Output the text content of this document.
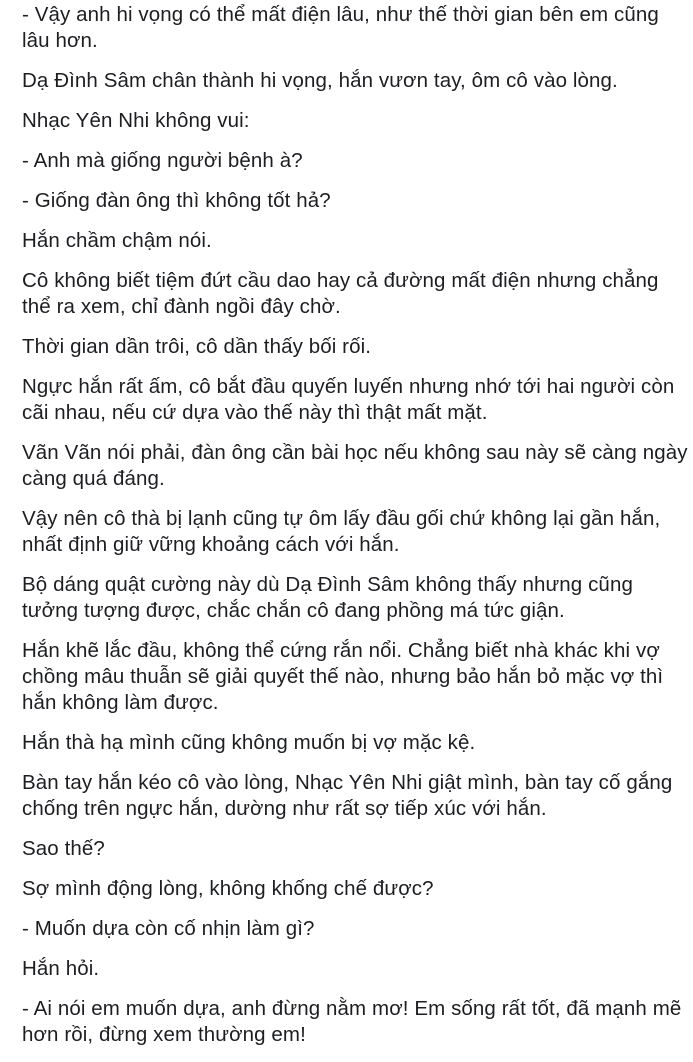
- Vậy anh hi vọng có thể mất điện lâu, như thế thời gian bên em cũng lâu hơn.

Dạ Đình Sâm chân thành hi vọng, hắn vươn tay, ôm cô vào lòng.

Nhạc Yên Nhi không vui:

- Anh mà giống người bệnh à?

- Giống đàn ông thì không tốt hả?

Hắn chầm chậm nói.

Cô không biết tiệm đứt cầu dao hay cả đường mất điện nhưng chẳng thể ra xem, chỉ đành ngồi đây chờ.

Thời gian dần trôi, cô dần thấy bối rối.

Ngực hắn rất ấm, cô bắt đầu quyến luyến nhưng nhớ tới hai người còn cãi nhau, nếu cứ dựa vào thế này thì thật mất mặt.

Vãn Vãn nói phải, đàn ông cần bài học nếu không sau này sẽ càng ngày càng quá đáng.

Vậy nên cô thà bị lạnh cũng tự ôm lấy đầu gối chứ không lại gần hắn, nhất định giữ vững khoảng cách với hắn.

Bộ dáng quật cường này dù Dạ Đình Sâm không thấy nhưng cũng tưởng tượng được, chắc chắn cô đang phồng má tức giận.

Hắn khẽ lắc đầu, không thể cứng rắn nổi. Chẳng biết nhà khác khi vợ chồng mâu thuẫn sẽ giải quyết thế nào, nhưng bảo hắn bỏ mặc vợ thì hắn không làm được.

Hắn thà hạ mình cũng không muốn bị vợ mặc kệ.

Bàn tay hắn kéo cô vào lòng, Nhạc Yên Nhi giật mình, bàn tay cố gắng chống trên ngực hắn, dường như rất sợ tiếp xúc với hắn.

Sao thế?

Sợ mình động lòng, không khống chế được?

- Muốn dựa còn cố nhịn làm gì?

Hắn hỏi.

- Ai nói em muốn dựa, anh đừng nằm mơ! Em sống rất tốt, đã mạnh mẽ hơn rồi, đừng xem thường em!
